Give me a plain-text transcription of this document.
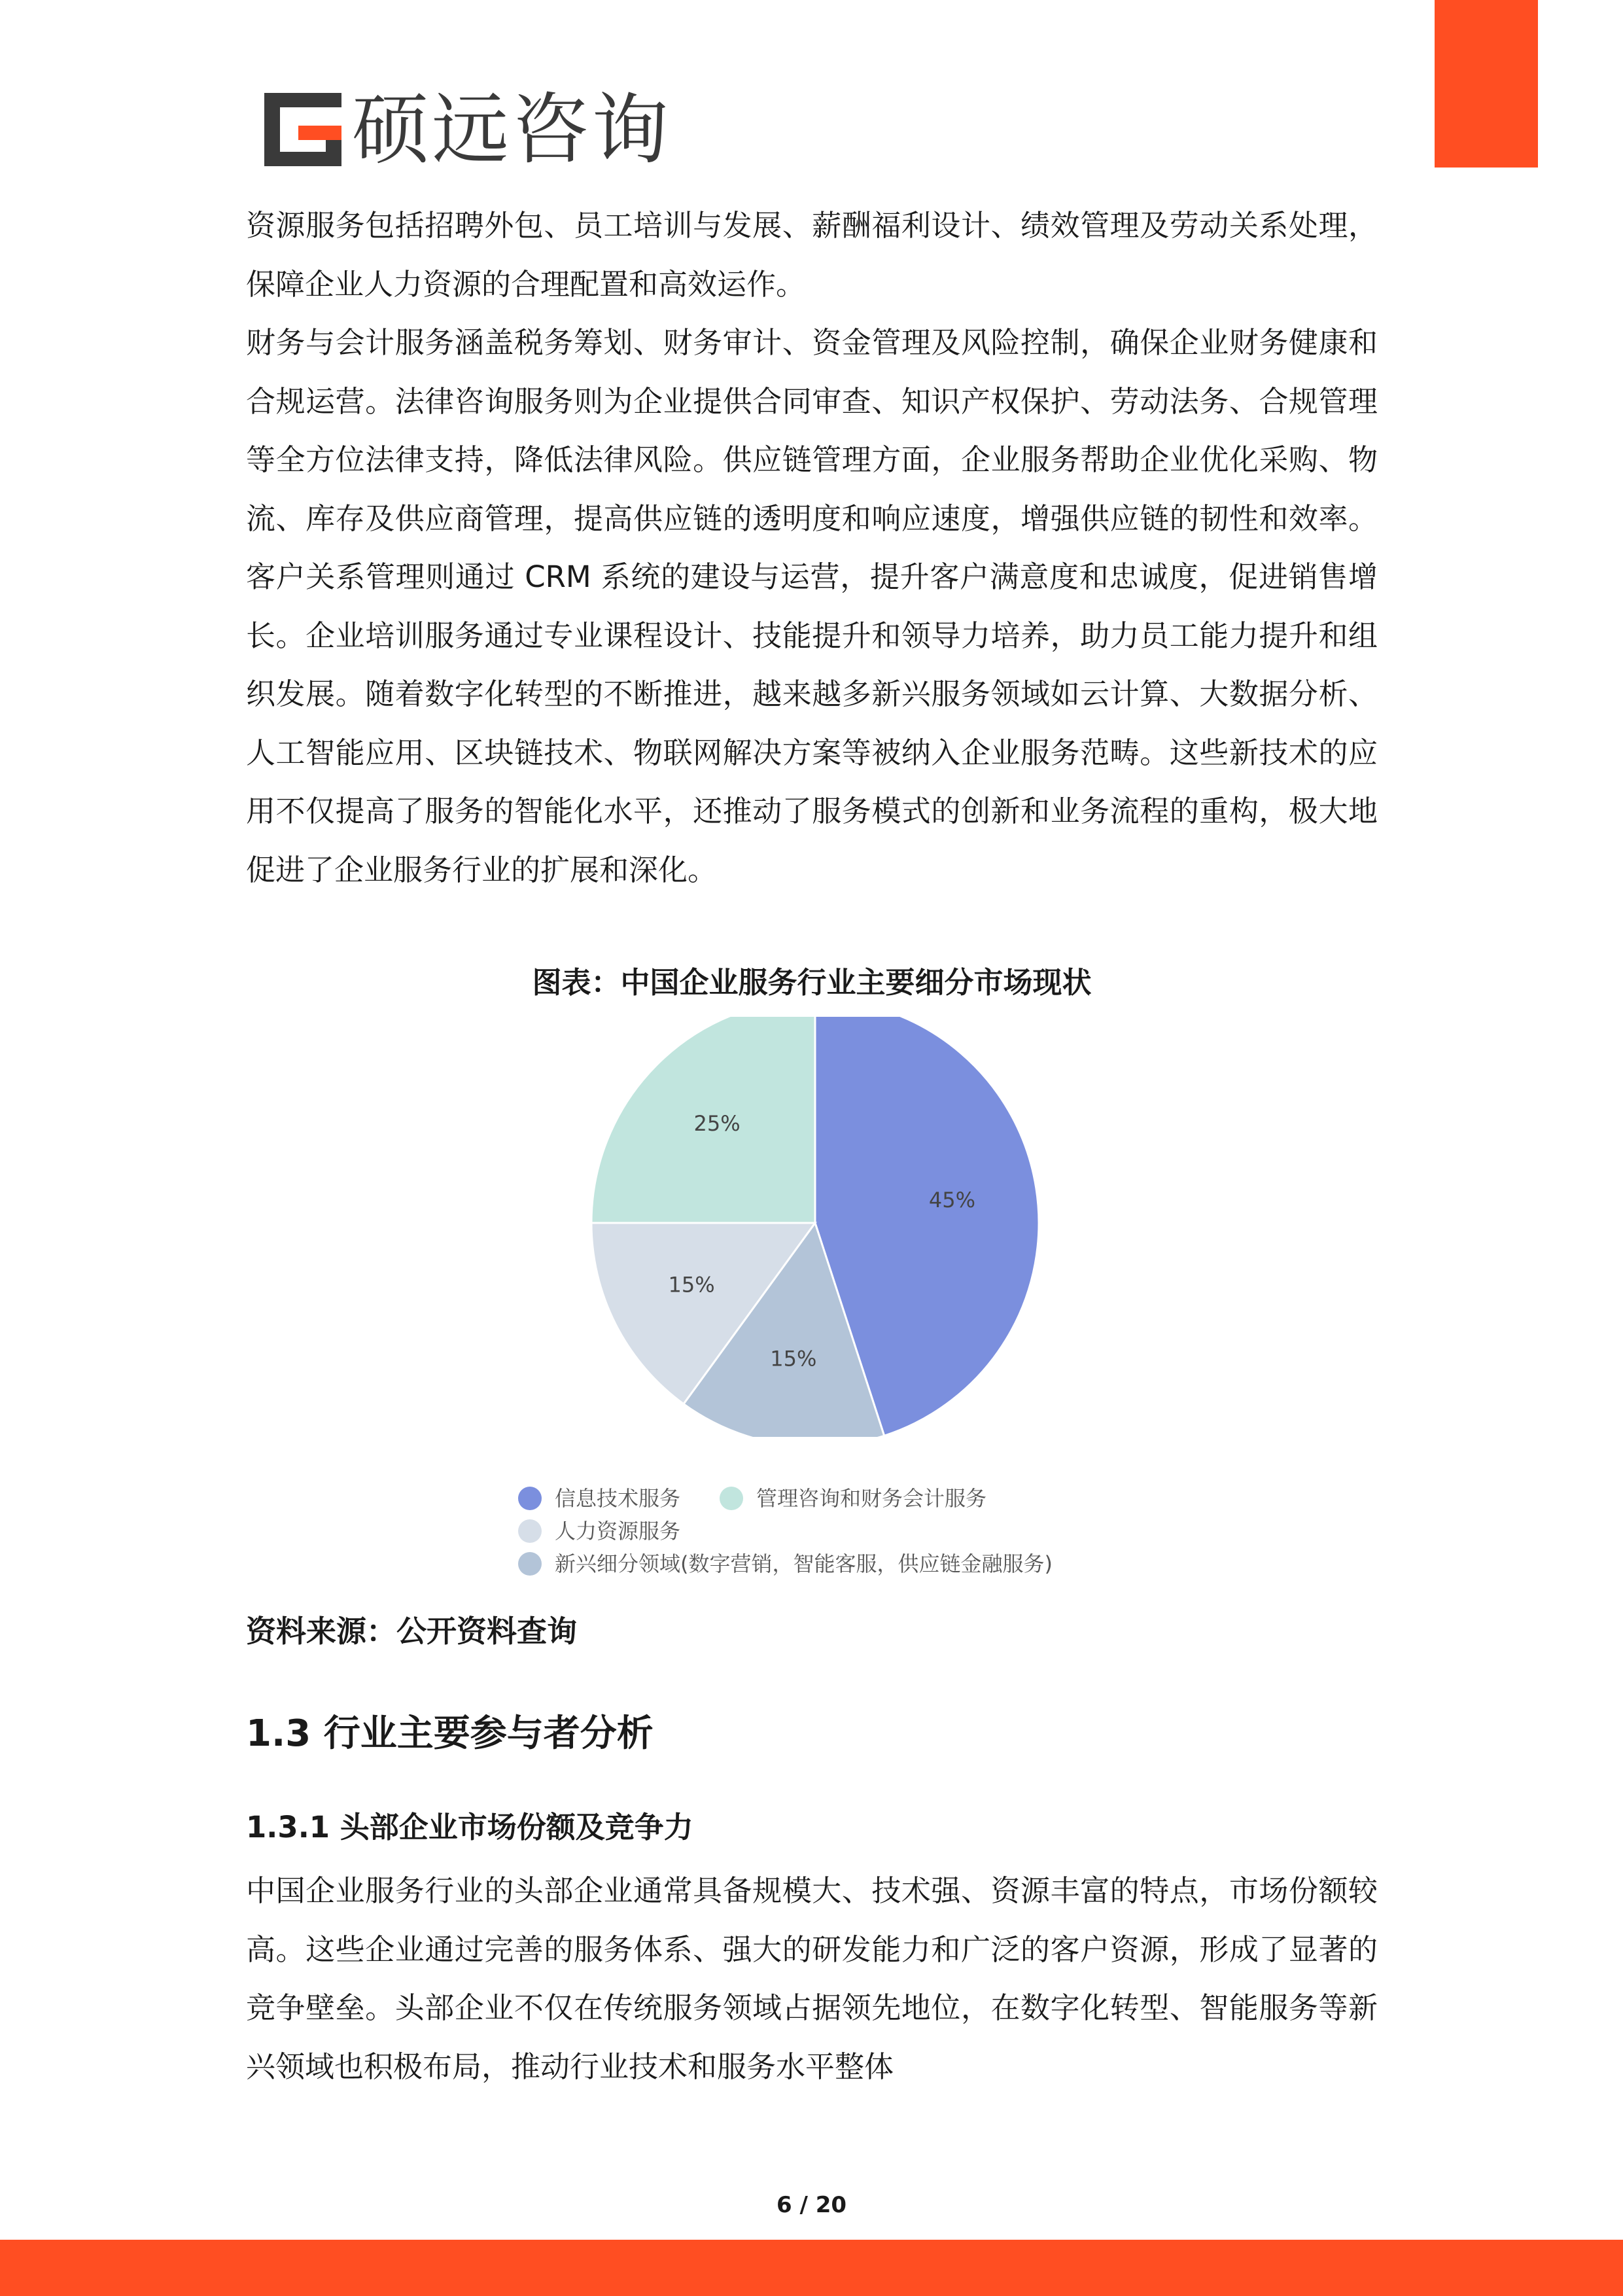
硕远咨询

资源服务包括招聘外包、员工培训与发展、薪酬福利设计、绩效管理及劳动关系处理，保障企业人力资源的合理配置和高效运作。

财务与会计服务涵盖税务筹划、财务审计、资金管理及风险控制，确保企业财务健康和合规运营。法律咨询服务则为企业提供合同审查、知识产权保护、劳动法务、合规管理等全方位法律支持，降低法律风险。供应链管理方面，企业服务帮助企业优化采购、物流、库存及供应商管理，提高供应链的透明度和响应速度，增强供应链的韧性和效率。客户关系管理则通过 CRM 系统的建设与运营，提升客户满意度和忠诚度，促进销售增长。企业培训服务通过专业课程设计、技能提升和领导力培养，助力员工能力提升和组织发展。随着数字化转型的不断推进，越来越多新兴服务领域如云计算、大数据分析、人工智能应用、区块链技术、物联网解决方案等被纳入企业服务范畴。这些新技术的应用不仅提高了服务的智能化水平，还推动了服务模式的创新和业务流程的重构，极大地促进了企业服务行业的扩展和深化。

图表：中国企业服务行业主要细分市场现状
45%
15%
15%
25%
信息技术服务	管理咨询和财务会计服务
人力资源服务
新兴细分领域(数字营销，智能客服，供应链金融服务)
资料来源：公开资料查询
1.3 行业主要参与者分析
1.3.1 头部企业市场份额及竞争力

中国企业服务行业的头部企业通常具备规模大、技术强、资源丰富的特点，市场份额较高。这些企业通过完善的服务体系、强大的研发能力和广泛的客户资源，形成了显著的竞争壁垒。头部企业不仅在传统服务领域占据领先地位，在数字化转型、智能服务等新兴领域也积极布局，推动行业技术和服务水平整体

6 / 20
